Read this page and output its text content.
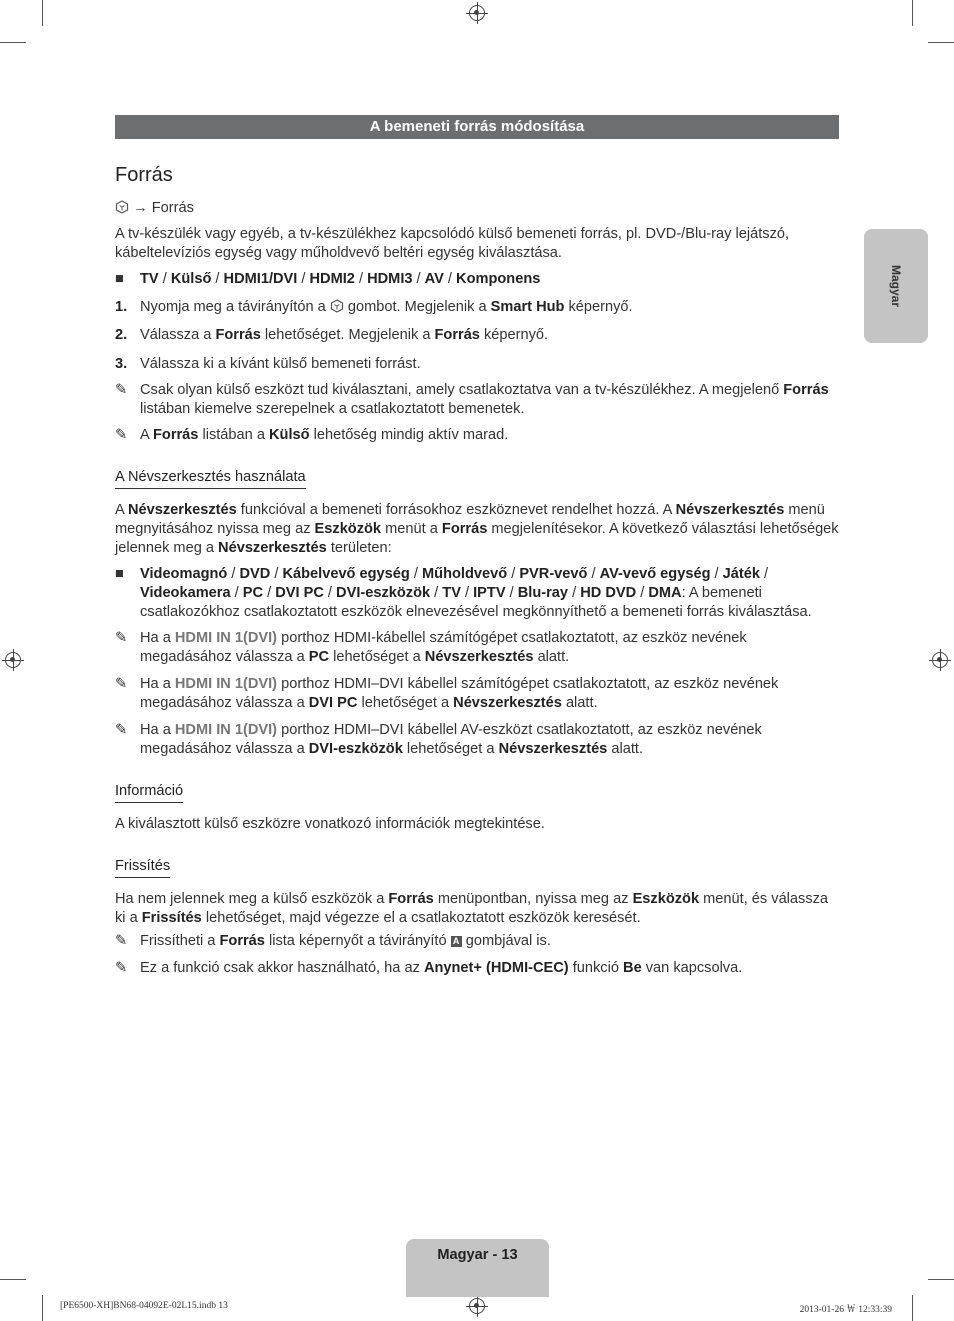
A bemeneti forrás módosítása
Magyar
Forrás

→ Forrás

A tv-készülék vagy egyéb, a tv-készülékhez kapcsolódó külső bemeneti forrás, pl. DVD-/Blu-ray lejátszó, kábeltelevíziós egység vagy műholdvevő beltéri egység kiválasztása.

■	TV / Külső / HDMI1/DVI / HDMI2 / HDMI3 / AV / Komponens
1. Nyomja meg a távirányítón a  gombot. Megjelenik a Smart Hub képernyő.
2. Válassza a Forrás lehetőséget. Megjelenik a Forrás képernyő.
3. Válassza ki a kívánt külső bemeneti forrást.
✎ Csak olyan külső eszközt tud kiválasztani, amely csatlakoztatva van a tv-készülékhez. A megjelenő Forrás listában kiemelve szerepelnek a csatlakoztatott bemenetek.
✎ A Forrás listában a Külső lehetőség mindig aktív marad.
A Névszerkesztés használata

A Névszerkesztés funkcióval a bemeneti forrásokhoz eszköznevet rendelhet hozzá. A Névszerkesztés menü megnyitásához nyissa meg az Eszközök menüt a Forrás megjelenítésekor. A következő választási lehetőségek jelennek meg a Névszerkesztés területen:

■	Videomagnó / DVD / Kábelvevő egység / Műholdvevő / PVR-vevő / AV-vevő egység / Játék / Videokamera / PC / DVI PC / DVI-eszközök / TV / IPTV / Blu-ray / HD DVD / DMA: A bemeneti csatlakozókhoz csatlakoztatott eszközök elnevezésével megkönnyíthető a bemeneti forrás kiválasztása.
✎ Ha a HDMI IN 1(DVI) porthoz HDMI-kábellel számítógépet csatlakoztatott, az eszköz nevének megadásához válassza a PC lehetőséget a Névszerkesztés alatt.
✎ Ha a HDMI IN 1(DVI) porthoz HDMI–DVI kábellel számítógépet csatlakoztatott, az eszköz nevének megadásához válassza a DVI PC lehetőséget a Névszerkesztés alatt.
✎ Ha a HDMI IN 1(DVI) porthoz HDMI–DVI kábellel AV-eszközt csatlakoztatott, az eszköz nevének megadásához válassza a DVI-eszközök lehetőséget a Névszerkesztés alatt.
Információ

A kiválasztott külső eszközre vonatkozó információk megtekintése.

Frissítés

Ha nem jelennek meg a külső eszközök a Forrás menüpontban, nyissa meg az Eszközök menüt, és válassza ki a Frissítés lehetőséget, majd végezze el a csatlakoztatott eszközök keresését.

✎ Frissítheti a Forrás lista képernyőt a távirányító A gombjával is.
✎ Ez a funkció csak akkor használható, ha az Anynet+ (HDMI-CEC) funkció Be van kapcsolva.
Magyar - 13
[PE6500-XH]BN68-04092E-02L15.indb 13	2013-01-26 ￦ 12:33:39
